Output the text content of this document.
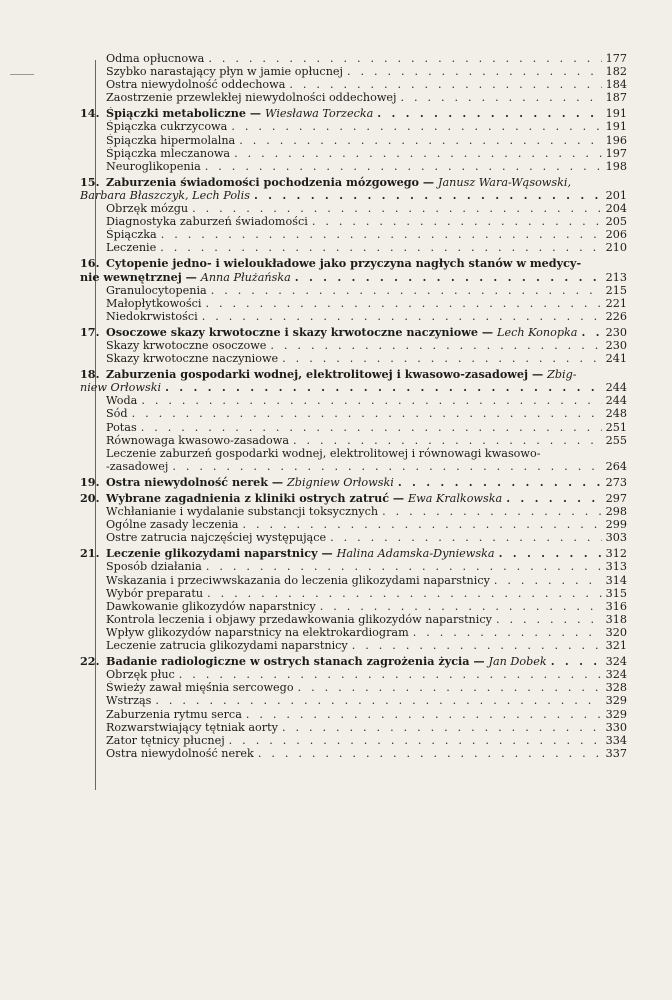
Odma opłucnowa . . .	177
Szybko narastający płyn w jamie opłucnej . . .	182
Ostra niewydolność oddechowa . . .	184
Zaostrzenie przewlekłej niewydolności oddechowej . . .	187
14. Śpiączki metaboliczne — Wiesława Torzecka . . .	191
Śpiączka cukrzycowa . . .	191
Śpiączka hipermolalna . . .	196
Śpiączka mleczanowa . . .	197
Neuroglikopenia . . .	198
15. Zaburzenia świadomości pochodzenia mózgowego — Janusz Wara-Wąsowski,
Barbara Błaszczyk, Lech Polis . . .	201
Obrzęk mózgu . . .	204
Diagnostyka zaburzeń świadomości . . .	205
Śpiączka . . .	206
Leczenie . . .	210
16. Cytopenie jedno- i wieloukładowe jako przyczyna nagłych stanów w medycy-
nie wewnętrznej — Anna Płużańska . . .	213
Granulocytopenia . . .	215
Małopłytkowości . . .	221
Niedokrwistości . . .	226
17. Osoczowe skazy krwotoczne i skazy krwotoczne naczyniowe — Lech Konopka . . .	230
Skazy krwotoczne osoczowe . . .	230
Skazy krwotoczne naczyniowe . . .	241
18. Zaburzenia gospodarki wodnej, elektrolitowej i kwasowo-zasadowej — Zbig-
niew Orłowski . . .	244
Woda . . .	244
Sód . . .	248
Potas . . .	251
Równowaga kwasowo-zasadowa . . .	255
Leczenie zaburzeń gospodarki wodnej, elektrolitowej i równowagi kwasowo-
-zasadowej . . .	264
19. Ostra niewydolność nerek — Zbigniew Orłowski . . .	273
20. Wybrane zagadnienia z kliniki ostrych zatruć — Ewa Kralkowska . . .	297
Wchłanianie i wydalanie substancji toksycznych . . .	298
Ogólne zasady leczenia . . .	299
Ostre zatrucia najczęściej występujące . . .	303
21. Leczenie glikozydami naparstnicy — Halina Adamska-Dyniewska . . .	312
Sposób działania . . .	313
Wskazania i przeciwwskazania do leczenia glikozydami naparstnicy . . .	314
Wybór preparatu . . .	315
Dawkowanie glikozydów naparstnicy . . .	316
Kontrola leczenia i objawy przedawkowania glikozydów naparstnicy . . .	318
Wpływ glikozydów naparstnicy na elektrokardiogram . . .	320
Leczenie zatrucia glikozydami naparstnicy . . .	321
22. Badanie radiologiczne w ostrych stanach zagrożenia życia — Jan Dobek . . .	324
Obrzęk płuc . . .	324
Świeży zawał mięśnia sercowego . . .	328
Wstrząs . . .	329
Zaburzenia rytmu serca . . .	329
Rozwarstwiający tętniak aorty . . .	330
Zator tętnicy płucnej . . .	334
Ostra niewydolność nerek . . .	337
